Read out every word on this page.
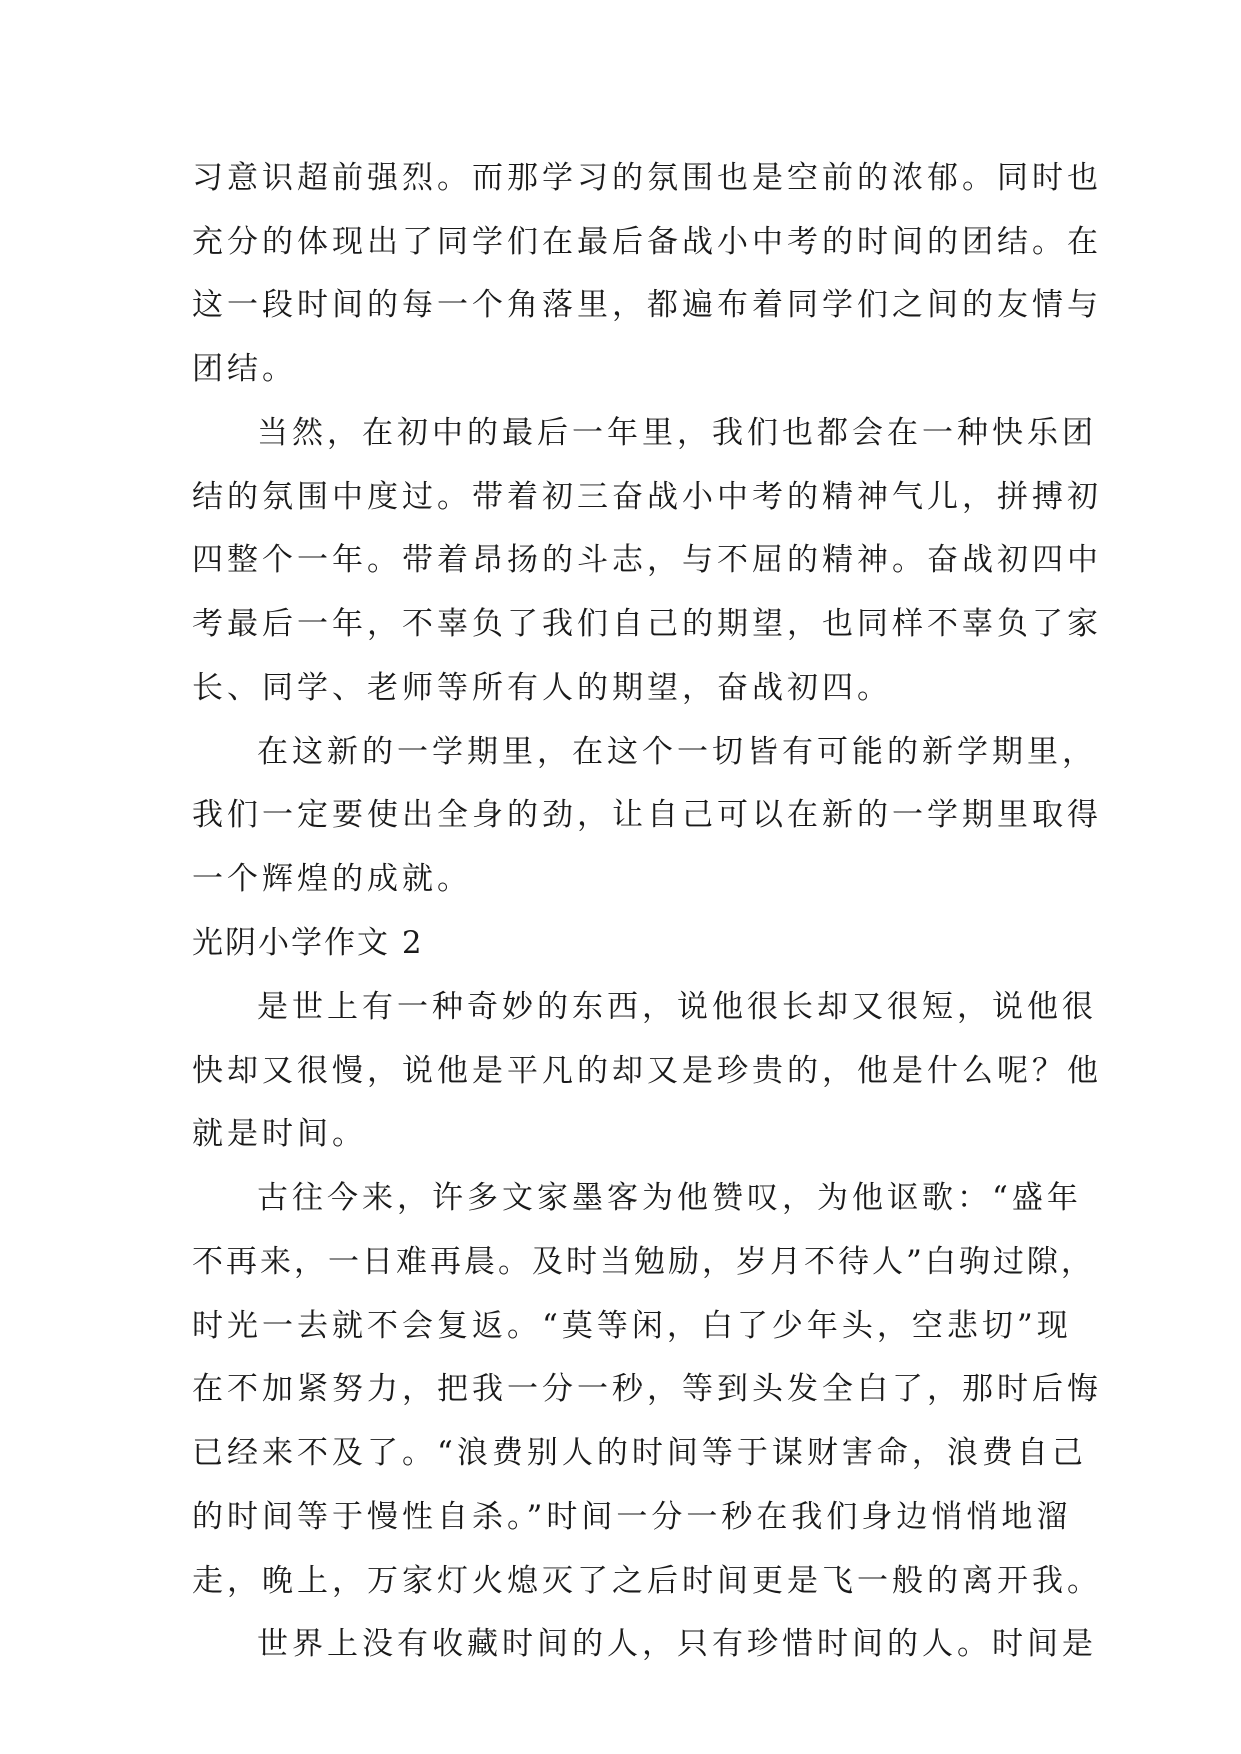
习意识超前强烈。而那学习的氛围也是空前的浓郁。同时也
充分的体现出了同学们在最后备战小中考的时间的团结。在
这一段时间的每一个角落里，都遍布着同学们之间的友情与
团结。
当然，在初中的最后一年里，我们也都会在一种快乐团
结的氛围中度过。带着初三奋战小中考的精神气儿，拼搏初
四整个一年。带着昂扬的斗志，与不屈的精神。奋战初四中
考最后一年，不辜负了我们自己的期望，也同样不辜负了家
长、同学、老师等所有人的期望，奋战初四。
在这新的一学期里，在这个一切皆有可能的新学期里，
我们一定要使出全身的劲，让自己可以在新的一学期里取得
一个辉煌的成就。
光阴小学作文 2
是世上有一种奇妙的东西，说他很长却又很短，说他很
快却又很慢，说他是平凡的却又是珍贵的，他是什么呢？他
就是时间。
古往今来，许多文家墨客为他赞叹，为他讴歌：“盛年
不再来，一日难再晨。及时当勉励，岁月不待人”白驹过隙，
时光一去就不会复返。“莫等闲，白了少年头，空悲切”现
在不加紧努力，把我一分一秒，等到头发全白了，那时后悔
已经来不及了。“浪费别人的时间等于谋财害命，浪费自己
的时间等于慢性自杀。”时间一分一秒在我们身边悄悄地溜
走，晚上，万家灯火熄灭了之后时间更是飞一般的离开我。
世界上没有收藏时间的人，只有珍惜时间的人。时间是
